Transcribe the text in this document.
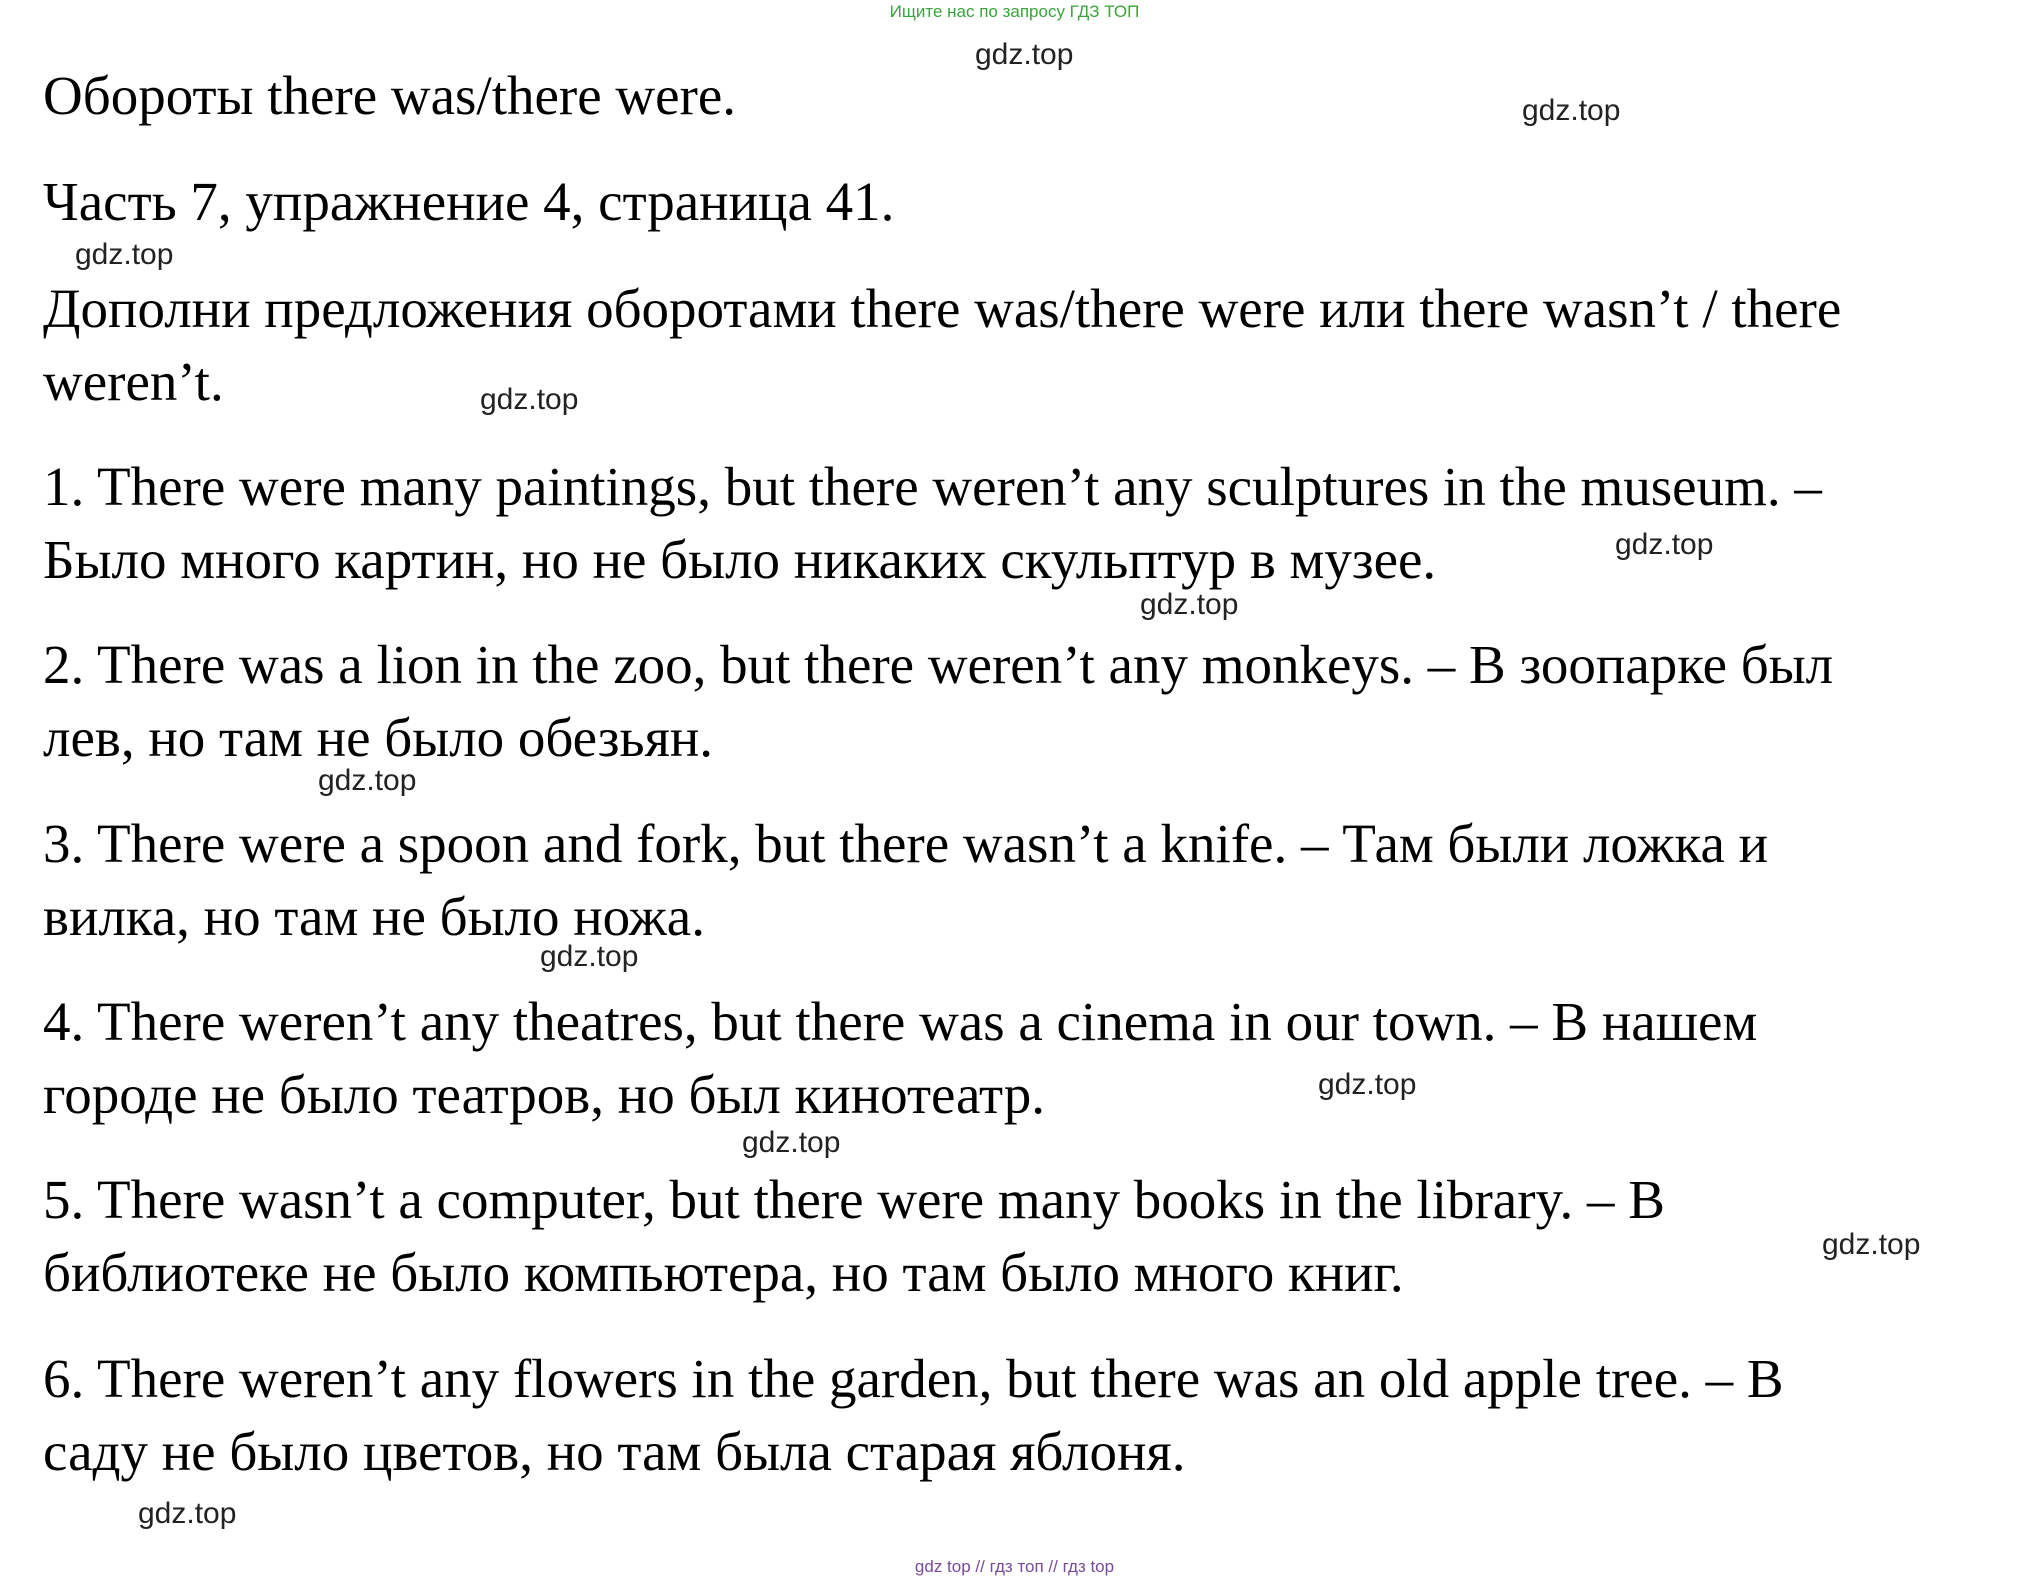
Ищите нас по запросу ГДЗ ТОП
Обороты there was/there were.
Часть 7, упражнение 4, страница 41.
Дополни предложения оборотами there was/there were или there wasn’t / there
weren’t.
1. There were many paintings, but there weren’t any sculptures in the museum. –
Было много картин, но не было никаких скульптур в музее.
2. There was a lion in the zoo, but there weren’t any monkeys. – В зоопарке был
лев, но там не было обезьян.
3. There were a spoon and fork, but there wasn’t a knife. – Там были ложка и
вилка, но там не было ножа.
4. There weren’t any theatres, but there was a cinema in our town. – В нашем
городе не было театров, но был кинотеатр.
5. There wasn’t a computer, but there were many books in the library. – В
библиотеке не было компьютера, но там было много книг.
6. There weren’t any flowers in the garden, but there was an old apple tree. – В
саду не было цветов, но там была старая яблоня.
gdz.top
gdz.top
gdz.top
gdz.top
gdz.top
gdz.top
gdz.top
gdz.top
gdz.top
gdz.top
gdz.top
gdz.top
gdz top // гдз топ // гдз top
